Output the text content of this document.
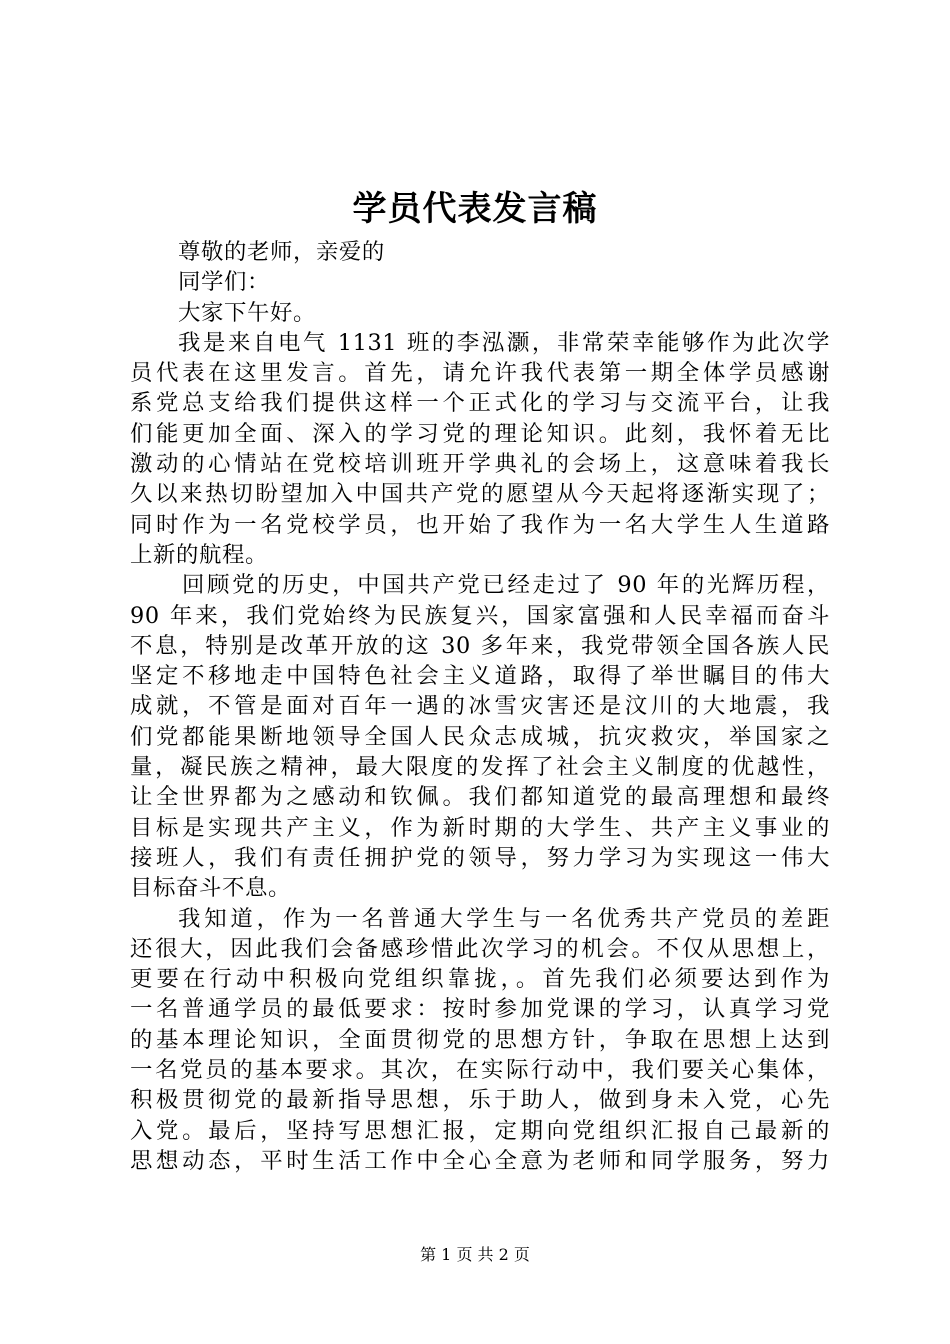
学员代表发言稿
尊敬的老师，亲爱的
同学们：
大家下午好。
我是来自电气 1131 班的李泓灏，非常荣幸能够作为此次学
员代表在这里发言。首先，请允许我代表第一期全体学员感谢
系党总支给我们提供这样一个正式化的学习与交流平台，让我
们能更加全面、深入的学习党的理论知识。此刻，我怀着无比
激动的心情站在党校培训班开学典礼的会场上，这意味着我长
久以来热切盼望加入中国共产党的愿望从今天起将逐渐实现了；
同时作为一名党校学员，也开始了我作为一名大学生人生道路
上新的航程。
回顾党的历史，中国共产党已经走过了 90 年的光辉历程，
90 年来，我们党始终为民族复兴，国家富强和人民幸福而奋斗
不息，特别是改革开放的这 30 多年来，我党带领全国各族人民
坚定不移地走中国特色社会主义道路，取得了举世瞩目的伟大
成就，不管是面对百年一遇的冰雪灾害还是汶川的大地震，我
们党都能果断地领导全国人民众志成城，抗灾救灾，举国家之
量，凝民族之精神，最大限度的发挥了社会主义制度的优越性，
让全世界都为之感动和钦佩。我们都知道党的最高理想和最终
目标是实现共产主义，作为新时期的大学生、共产主义事业的
接班人，我们有责任拥护党的领导，努力学习为实现这一伟大
目标奋斗不息。
我知道，作为一名普通大学生与一名优秀共产党员的差距
还很大，因此我们会备感珍惜此次学习的机会。不仅从思想上，
更要在行动中积极向党组织靠拢，。首先我们必须要达到作为
一名普通学员的最低要求：按时参加党课的学习，认真学习党
的基本理论知识，全面贯彻党的思想方针，争取在思想上达到
一名党员的基本要求。其次，在实际行动中，我们要关心集体，
积极贯彻党的最新指导思想，乐于助人，做到身未入党，心先
入党。最后，坚持写思想汇报，定期向党组织汇报自己最新的
思想动态，平时生活工作中全心全意为老师和同学服务，努力
第 1 页 共 2 页
